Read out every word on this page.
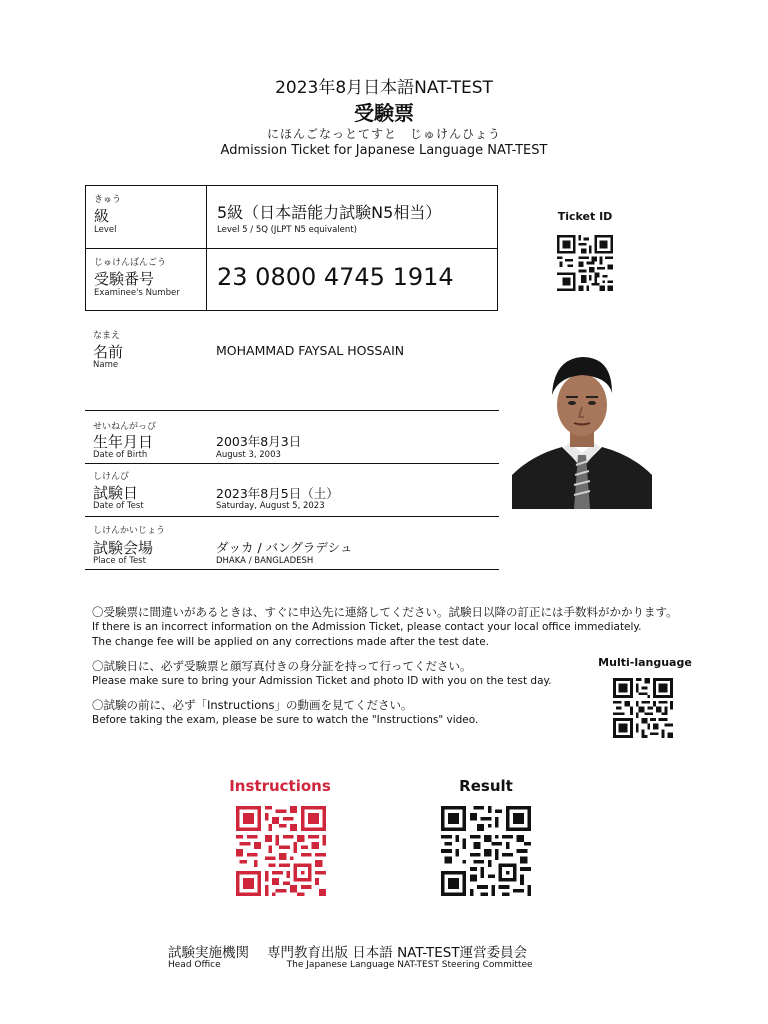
2023年8月日本語NAT-TEST
受験票
にほんごなっとてすと　じゅけんひょう
Admission Ticket for Japanese Language NAT-TEST
きゅう
級
Level
5級（日本語能力試験N5相当）
Level 5 / 5Q (JLPT N5 equivalent)
じゅけんばんごう
受験番号
Examinee's Number
23 0800 4745 1914
Ticket ID
なまえ
名前
Name
MOHAMMAD FAYSAL HOSSAIN
せいねんがっぴ
生年月日
Date of Birth
2003年8月3日
August 3, 2003
しけんび
試験日
Date of Test
2023年8月5日（土）
Saturday, August 5, 2023
しけんかいじょう
試験会場
Place of Test
ダッカ / バングラデシュ
DHAKA / BANGLADESH
〇受験票に間違いがあるときは、すぐに申込先に連絡してください。試験日以降の訂正には手数料がかかります。
If there is an incorrect information on the Admission Ticket, please contact your local office immediately.
The change fee will be applied on any corrections made after the test date.
〇試験日に、必ず受験票と顔写真付きの身分証を持って行ってください。
Please make sure to bring your Admission Ticket and photo ID with you on the test day.
〇試験の前に、必ず「Instructions」の動画を見てください。
Before taking the exam, please be sure to watch the "Instructions" video.
Multi-language
Instructions	Result
試験実施機関 専門教育出版 日本語 NAT-TEST運営委員会
Head Office	The Japanese Language NAT-TEST Steering Committee
